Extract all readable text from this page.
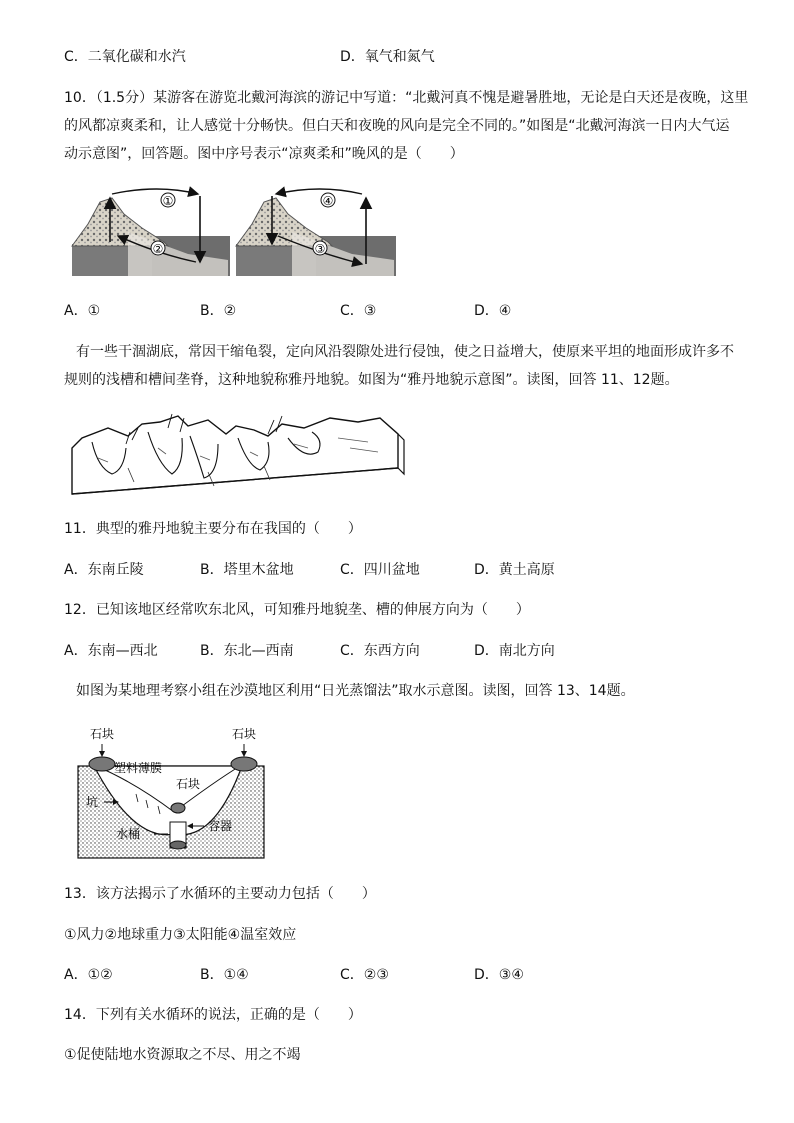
C．二氧化碳和水汽	D．氧气和氮气
10．（1.5分）某游客在游览北戴河海滨的游记中写道：“北戴河真不愧是避暑胜地，无论是白天还是夜晚，这里
的风都凉爽柔和，让人感觉十分畅快。但白天和夜晚的风向是完全不同的。”如图是“北戴河海滨一日内大气运
动示意图”，回答题。图中序号表示“凉爽柔和”晚风的是（　　）
①
②
④
③
A．①	B．②	C．③	D．④
有一些干涸湖底，常因干缩龟裂，定向风沿裂隙处进行侵蚀，使之日益增大，使原来平坦的地面形成许多不
规则的浅槽和槽间垄脊，这种地貌称雅丹地貌。如图为“雅丹地貌示意图”。读图，回答 11、12题。
11．典型的雅丹地貌主要分布在我国的（　　）
A．东南丘陵	B．塔里木盆地	C．四川盆地	D．黄土高原
12．已知该地区经常吹东北风，可知雅丹地貌垄、槽的伸展方向为（　　）
A．东南—西北	B．东北—西南	C．东西方向	D．南北方向
如图为某地理考察小组在沙漠地区利用“日光蒸馏法”取水示意图。读图，回答 13、14题。
石块	石块
塑料薄膜
石块
坑
水桶
容器
13．该方法揭示了水循环的主要动力包括（　　）
①风力②地球重力③太阳能④温室效应
A．①②	B．①④	C．②③	D．③④
14．下列有关水循环的说法，正确的是（　　）
①促使陆地水资源取之不尽、用之不竭
